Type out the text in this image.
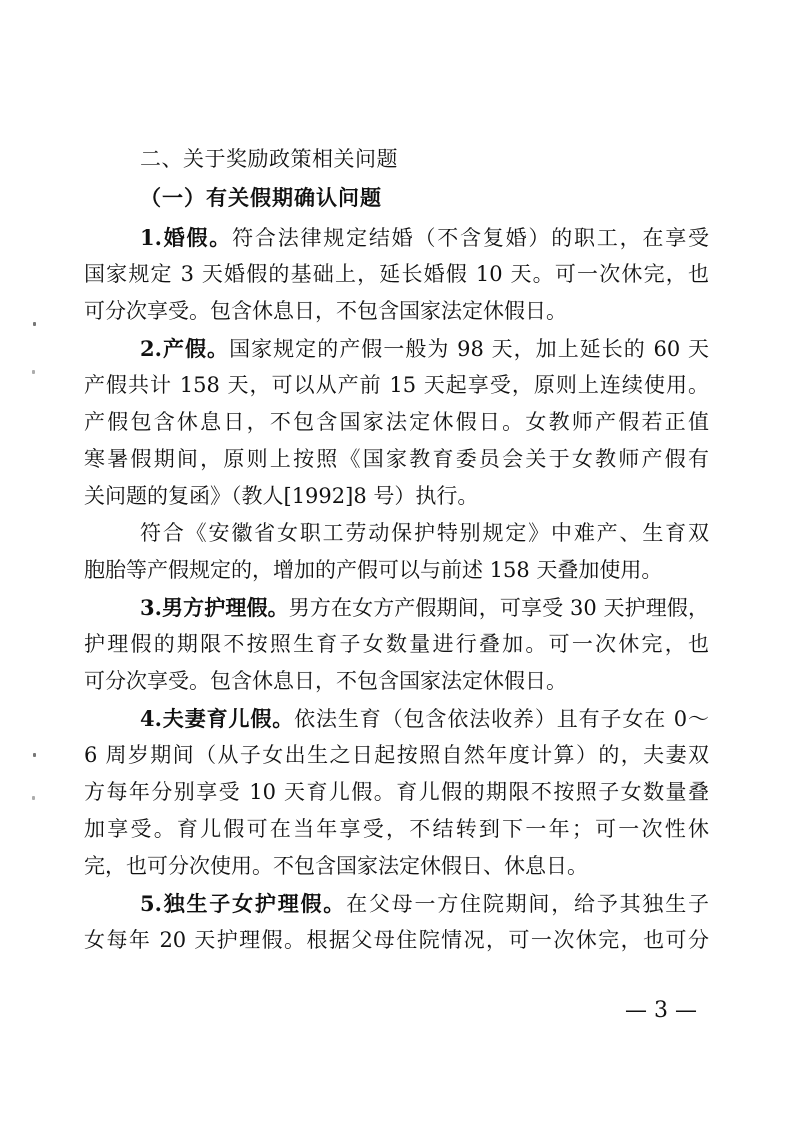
二、关于奖励政策相关问题
（一）有关假期确认问题
1.婚假。符合法律规定结婚（不含复婚）的职工，在享受
国家规定 3 天婚假的基础上，延长婚假 10 天。可一次休完，也
可分次享受。包含休息日，不包含国家法定休假日。
2.产假。国家规定的产假一般为 98 天，加上延长的 60 天
产假共计 158 天，可以从产前 15 天起享受，原则上连续使用。
产假包含休息日，不包含国家法定休假日。女教师产假若正值
寒暑假期间，原则上按照《国家教育委员会关于女教师产假有
关问题的复函》（教人[1992]8 号）执行。
符合《安徽省女职工劳动保护特别规定》中难产、生育双
胞胎等产假规定的，增加的产假可以与前述 158 天叠加使用。
3.男方护理假。男方在女方产假期间，可享受 30 天护理假，
护理假的期限不按照生育子女数量进行叠加。可一次休完，也
可分次享受。包含休息日，不包含国家法定休假日。
4.夫妻育儿假。依法生育（包含依法收养）且有子女在 0～
6 周岁期间（从子女出生之日起按照自然年度计算）的，夫妻双
方每年分别享受 10 天育儿假。育儿假的期限不按照子女数量叠
加享受。育儿假可在当年享受，不结转到下一年；可一次性休
完，也可分次使用。不包含国家法定休假日、休息日。
5.独生子女护理假。在父母一方住院期间，给予其独生子
女每年 20 天护理假。根据父母住院情况，可一次休完，也可分
— 3 —
